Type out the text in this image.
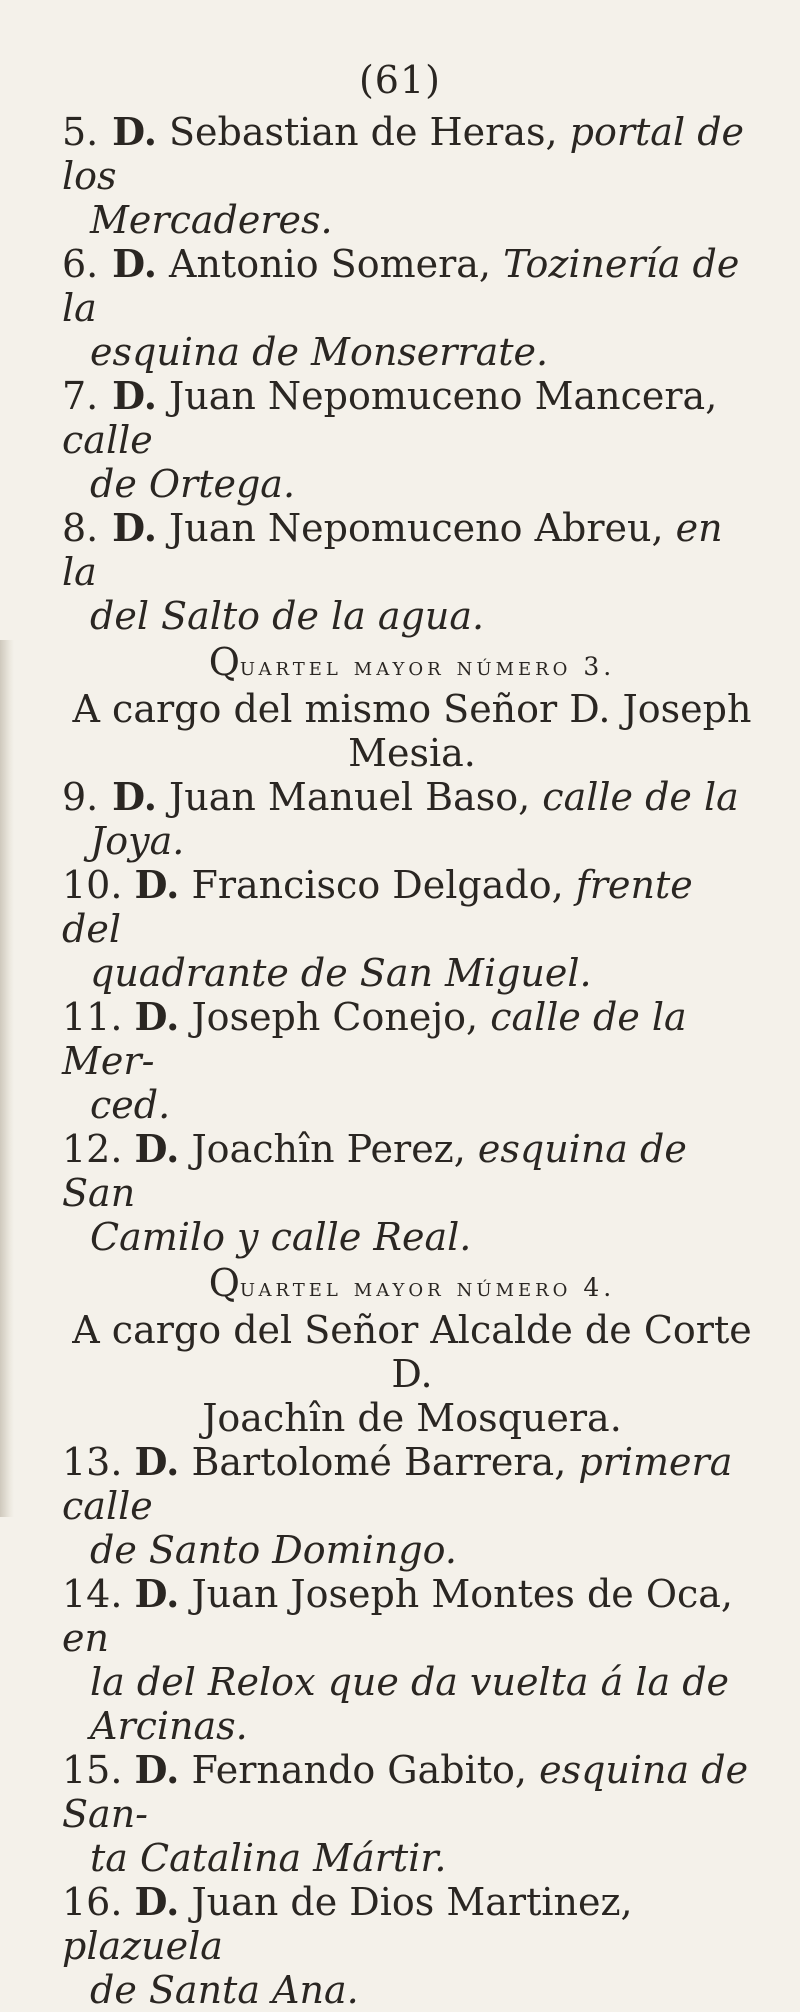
(61)
5. D. Sebastian de Heras, portal de los
Mercaderes.
6. D. Antonio Somera, Tozinería de la
esquina de Monserrate.
7. D. Juan Nepomuceno Mancera, calle
de Ortega.
8. D. Juan Nepomuceno Abreu, en la
del Salto de la agua.
Quartel mayor número 3.
A cargo del mismo Señor D. Joseph
Mesia.
9. D. Juan Manuel Baso, calle de la
Joya.
10. D. Francisco Delgado, frente del
quadrante de San Miguel.
11. D. Joseph Conejo, calle de la Mer-
ced.
12. D. Joachîn Perez, esquina de San
Camilo y calle Real.
Quartel mayor número 4.
A cargo del Señor Alcalde de Corte D.
Joachîn de Mosquera.
13. D. Bartolomé Barrera, primera calle
de Santo Domingo.
14. D. Juan Joseph Montes de Oca, en
la del Relox que da vuelta á la de Arcinas.
15. D. Fernando Gabito, esquina de San-
ta Catalina Mártir.
16. D. Juan de Dios Martinez, plazuela
de Santa Ana.
